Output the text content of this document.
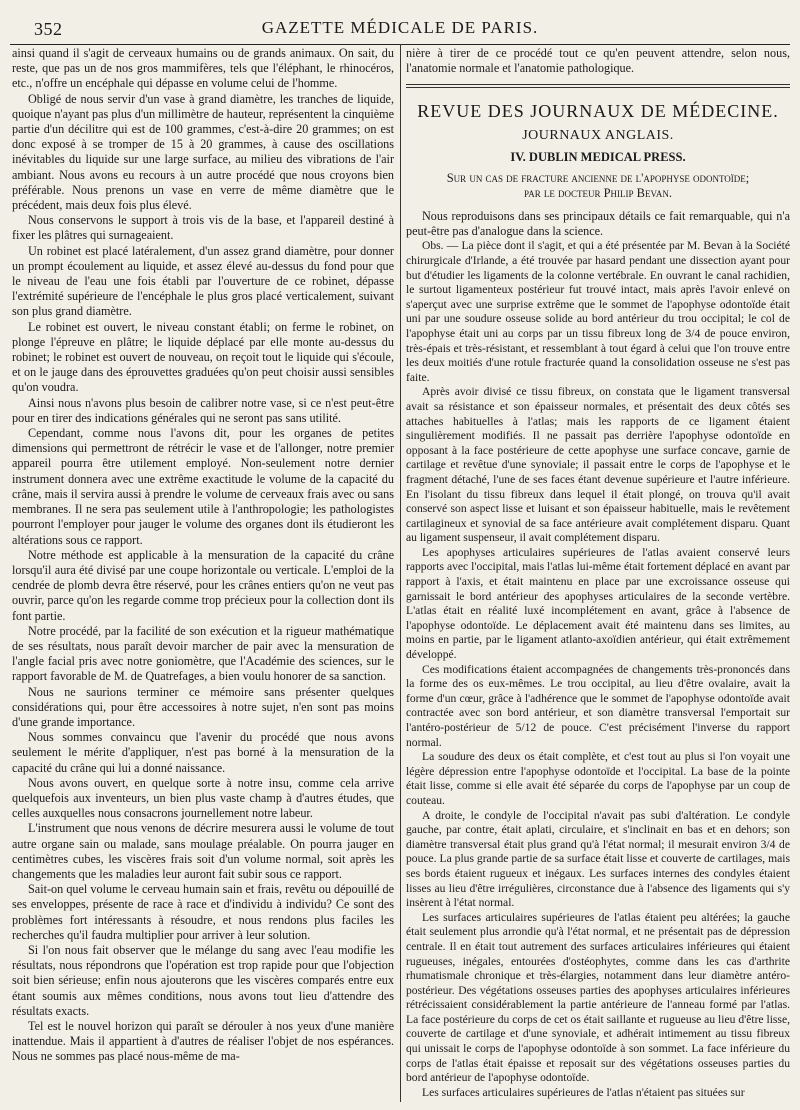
352	GAZETTE MÉDICALE DE PARIS.

ainsi quand il s'agit de cerveaux humains ou de grands animaux. On sait, du reste, que pas un de nos gros mammifères, tels que l'éléphant, le rhinocéros, etc., n'offre un encéphale qui dépasse en volume celui de l'homme.

Obligé de nous servir d'un vase à grand diamètre, les tranches de liquide, quoique n'ayant pas plus d'un millimètre de hauteur, représentent la cinquième partie d'un décilitre qui est de 100 grammes, c'est-à-dire 20 grammes; on est donc exposé à se tromper de 15 à 20 grammes, à cause des oscillations inévitables du liquide sur une large surface, au milieu des vibrations de l'air ambiant. Nous avons eu recours à un autre procédé que nous croyons bien préférable. Nous prenons un vase en verre de même diamètre que le précédent, mais deux fois plus élevé.

Nous conservons le support à trois vis de la base, et l'appareil destiné à fixer les plâtres qui surnageaient.

Un robinet est placé latéralement, d'un assez grand diamètre, pour donner un prompt écoulement au liquide, et assez élevé au-dessus du fond pour que le niveau de l'eau une fois établi par l'ouverture de ce robinet, dépasse l'extrémité supérieure de l'encéphale le plus gros placé verticalement, suivant son plus grand diamètre.

Le robinet est ouvert, le niveau constant établi; on ferme le robinet, on plonge l'épreuve en plâtre; le liquide déplacé par elle monte au-dessus du robinet; le robinet est ouvert de nouveau, on reçoit tout le liquide qui s'écoule, et on le jauge dans des éprouvettes graduées qu'on peut choisir aussi sensibles qu'on voudra.

Ainsi nous n'avons plus besoin de calibrer notre vase, si ce n'est peut-être pour en tirer des indications générales qui ne seront pas sans utilité.

Cependant, comme nous l'avons dit, pour les organes de petites dimensions qui permettront de rétrécir le vase et de l'allonger, notre premier appareil pourra être utilement employé. Non-seulement notre dernier instrument donnera avec une extrême exactitude le volume de la capacité du crâne, mais il servira aussi à prendre le volume de cerveaux frais avec ou sans membranes. Il ne sera pas seulement utile à l'anthropologie; les pathologistes pourront l'employer pour jauger le volume des organes dont ils étudieront les altérations sous ce rapport.

Notre méthode est applicable à la mensuration de la capacité du crâne lorsqu'il aura été divisé par une coupe horizontale ou verticale. L'emploi de la cendrée de plomb devra être réservé, pour les crânes entiers qu'on ne veut pas ouvrir, parce qu'on les regarde comme trop précieux pour la collection dont ils font partie.

Notre procédé, par la facilité de son exécution et la rigueur mathématique de ses résultats, nous paraît devoir marcher de pair avec la mensuration de l'angle facial pris avec notre goniomètre, que l'Académie des sciences, sur le rapport favorable de M. de Quatrefages, a bien voulu honorer de sa sanction.

Nous ne saurions terminer ce mémoire sans présenter quelques considérations qui, pour être accessoires à notre sujet, n'en sont pas moins d'une grande importance.

Nous sommes convaincu que l'avenir du procédé que nous avons seulement le mérite d'appliquer, n'est pas borné à la mensuration de la capacité du crâne qui lui a donné naissance.

Nous avons ouvert, en quelque sorte à notre insu, comme cela arrive quelquefois aux inventeurs, un bien plus vaste champ à d'autres études, que celles auxquelles nous consacrons journellement notre labeur.

L'instrument que nous venons de décrire mesurera aussi le volume de tout autre organe sain ou malade, sans moulage préalable. On pourra jauger en centimètres cubes, les viscères frais soit d'un volume normal, soit après les changements que les maladies leur auront fait subir sous ce rapport.

Sait-on quel volume le cerveau humain sain et frais, revêtu ou dépouillé de ses enveloppes, présente de race à race et d'individu à individu? Ce sont des problèmes fort intéressants à résoudre, et nous rendons plus faciles les recherches qu'il faudra multiplier pour arriver à leur solution.

Si l'on nous fait observer que le mélange du sang avec l'eau modifie les résultats, nous répondrons que l'opération est trop rapide pour que l'objection soit bien sérieuse; enfin nous ajouterons que les viscères comparés entre eux étant soumis aux mêmes conditions, nous avons tout lieu d'attendre des résultats exacts.

Tel est le nouvel horizon qui paraît se dérouler à nos yeux d'une manière inattendue. Mais il appartient à d'autres de réaliser l'objet de nos espérances. Nous ne sommes pas placé nous-même de ma-

nière à tirer de ce procédé tout ce qu'en peuvent attendre, selon nous, l'anatomie normale et l'anatomie pathologique.

REVUE DES JOURNAUX DE MÉDECINE.
JOURNAUX ANGLAIS.
IV. DUBLIN MEDICAL PRESS.
Sur un cas de fracture ancienne de l'apophyse odontoïde;
par le docteur Philip Bevan.

Nous reproduisons dans ses principaux détails ce fait remarquable, qui n'a peut-être pas d'analogue dans la science.

Obs. — La pièce dont il s'agit, et qui a été présentée par M. Bevan à la Société chirurgicale d'Irlande, a été trouvée par hasard pendant une dissection ayant pour but d'étudier les ligaments de la colonne vertébrale. En ouvrant le canal rachidien, le surtout ligamenteux postérieur fut trouvé intact, mais après l'avoir enlevé on s'aperçut avec une surprise extrême que le sommet de l'apophyse odontoïde était uni par une soudure osseuse solide au bord antérieur du trou occipital; le col de l'apophyse était uni au corps par un tissu fibreux long de 3/4 de pouce environ, très-épais et très-résistant, et ressemblant à tout égard à celui que l'on trouve entre les deux moitiés d'une rotule fracturée quand la consolidation osseuse ne s'est pas faite.

Après avoir divisé ce tissu fibreux, on constata que le ligament transversal avait sa résistance et son épaisseur normales, et présentait des deux côtés ses attaches habituelles à l'atlas; mais les rapports de ce ligament étaient singulièrement modifiés. Il ne passait pas derrière l'apophyse odontoïde en opposant à la face postérieure de cette apophyse une surface concave, garnie de cartilage et revêtue d'une synoviale; il passait entre le corps de l'apophyse et le fragment détaché, l'une de ses faces étant devenue supérieure et l'autre inférieure. En l'isolant du tissu fibreux dans lequel il était plongé, on trouva qu'il avait conservé son aspect lisse et luisant et son épaisseur habituelle, mais le revêtement cartilagineux et synovial de sa face antérieure avait complétement disparu. Quant au ligament suspenseur, il avait complétement disparu.

Les apophyses articulaires supérieures de l'atlas avaient conservé leurs rapports avec l'occipital, mais l'atlas lui-même était fortement déplacé en avant par rapport à l'axis, et était maintenu en place par une excroissance osseuse qui garnissait le bord antérieur des apophyses articulaires de la seconde vertèbre. L'atlas était en réalité luxé incomplétement en avant, grâce à l'absence de l'apophyse odontoïde. Le déplacement avait été maintenu dans ses limites, au moins en partie, par le ligament atlanto-axoïdien antérieur, qui était extrêmement développé.

Ces modifications étaient accompagnées de changements très-prononcés dans la forme des os eux-mêmes. Le trou occipital, au lieu d'être ovalaire, avait la forme d'un cœur, grâce à l'adhérence que le sommet de l'apophyse odontoïde avait contractée avec son bord antérieur, et son diamètre transversal l'emportait sur l'antéro-postérieur de 5/12 de pouce. C'est précisément l'inverse du rapport normal.

La soudure des deux os était complète, et c'est tout au plus si l'on voyait une légère dépression entre l'apophyse odontoïde et l'occipital. La base de la pointe était lisse, comme si elle avait été séparée du corps de l'apophyse par un coup de couteau.

A droite, le condyle de l'occipital n'avait pas subi d'altération. Le condyle gauche, par contre, était aplati, circulaire, et s'inclinait en bas et en dehors; son diamètre transversal était plus grand qu'à l'état normal; il mesurait environ 3/4 de pouce. La plus grande partie de sa surface était lisse et couverte de cartilages, mais ses bords étaient rugueux et inégaux. Les surfaces internes des condyles étaient lisses au lieu d'être irrégulières, circonstance due à l'absence des ligaments qui s'y insèrent à l'état normal.

Les surfaces articulaires supérieures de l'atlas étaient peu altérées; la gauche était seulement plus arrondie qu'à l'état normal, et ne présentait pas de dépression centrale. Il en était tout autrement des surfaces articulaires inférieures qui étaient rugueuses, inégales, entourées d'ostéophytes, comme dans les cas d'arthrite rhumatismale chronique et très-élargies, notamment dans leur diamètre antéro-postérieur. Des végétations osseuses parties des apophyses articulaires inférieures rétrécissaient considérablement la partie antérieure de l'anneau formé par l'atlas. La face postérieure du corps de cet os était saillante et rugueuse au lieu d'être lisse, couverte de cartilage et d'une synoviale, et adhérait intimement au tissu fibreux qui unissait le corps de l'apophyse odontoïde à son sommet. La face inférieure du corps de l'atlas était épaisse et reposait sur des végétations osseuses parties du bord antérieur de l'apophyse odontoïde.

Les surfaces articulaires supérieures de l'atlas n'étaient pas situées sur
